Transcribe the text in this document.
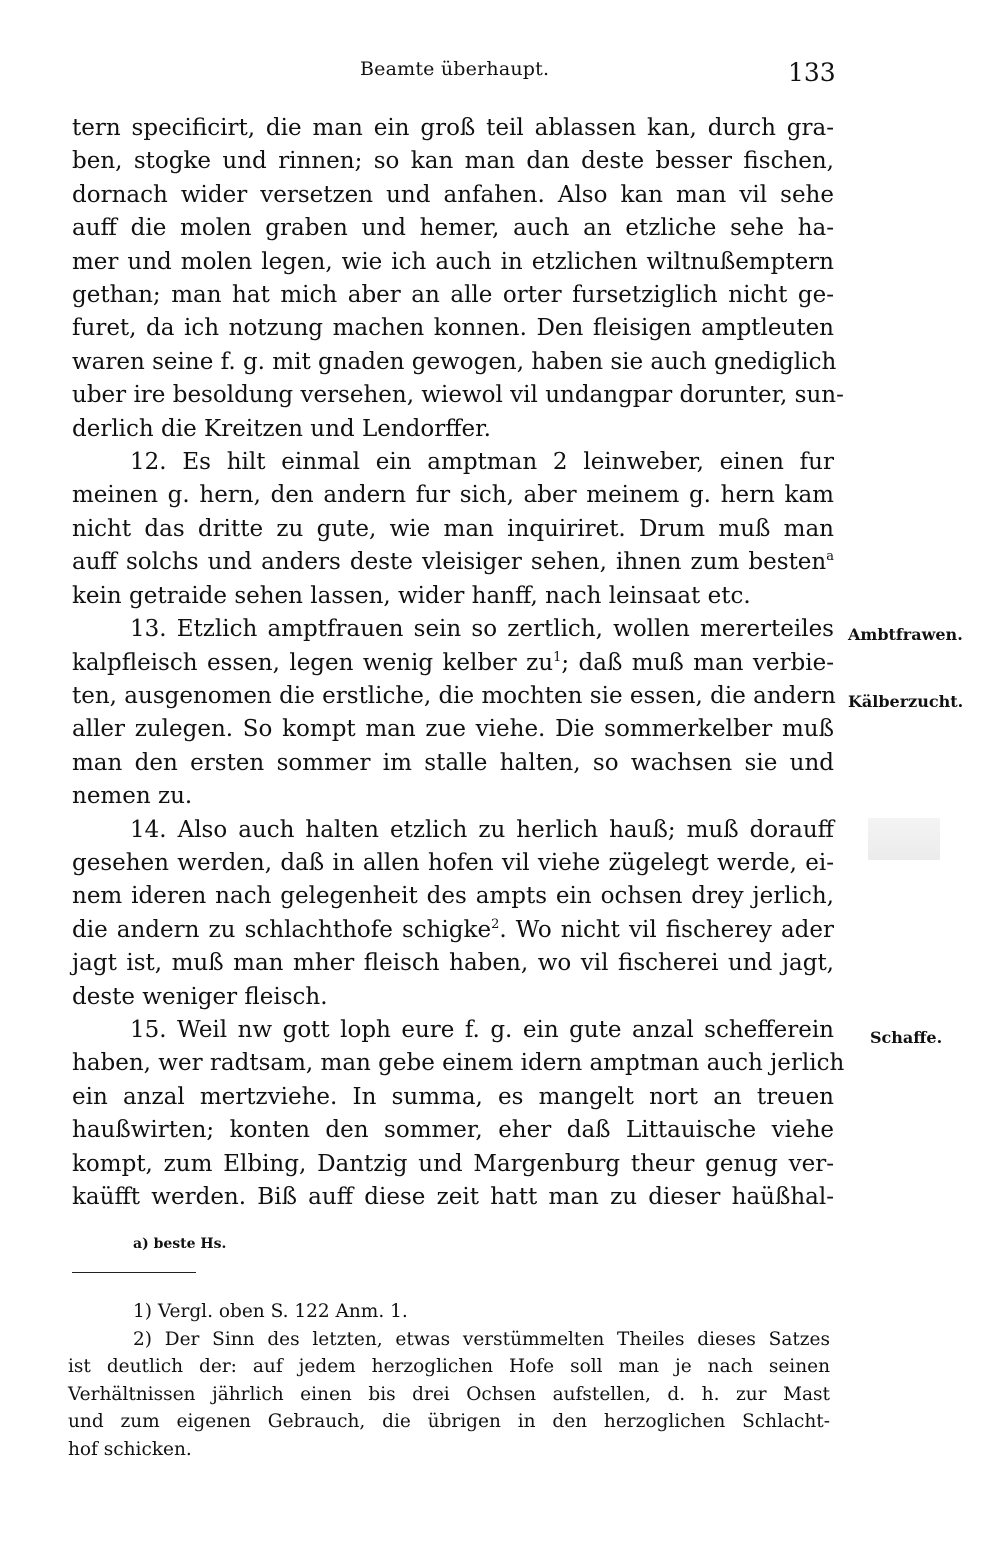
Beamte überhaupt.	133
tern specificirt, die man ein groß teil ablassen kan, durch gra-
ben, stogke und rinnen; so kan man dan deste besser fischen,
dornach wider versetzen und anfahen. Also kan man vil sehe
auff die molen graben und hemer, auch an etzliche sehe ha-
mer und molen legen, wie ich auch in etzlichen wiltnußemptern
gethan; man hat mich aber an alle orter fursetziglich nicht ge-
furet, da ich notzung machen konnen. Den fleisigen amptleuten
waren seine f. g. mit gnaden gewogen, haben sie auch gnediglich
uber ire besoldung versehen, wiewol vil undangpar dorunter, sun-
derlich die Kreitzen und Lendorffer.
12. Es hilt einmal ein amptman 2 leinweber, einen fur
meinen g. hern, den andern fur sich, aber meinem g. hern kam
nicht das dritte zu gute, wie man inquiriret. Drum muß man
auff solchs und anders deste vleisiger sehen, ihnen zum besten$^a$
kein getraide sehen lassen, wider hanff, nach leinsaat etc.
13. Etzlich amptfrauen sein so zertlich, wollen mererteiles
kalpfleisch essen, legen wenig kelber $zu^1$; daß muß man verbie-
ten, ausgenomen die erstliche, die mochten sie essen, die andern
aller zulegen. So kompt man zue viehe. Die sommerkelber muß
man den ersten sommer im stalle halten, so wachsen sie und
nemen zu.
14. Also auch halten etzlich zu herlich hauß; muß dorauff
gesehen werden, daß in allen hofen vil viehe zügelegt werde, ei-
nem ideren nach gelegenheit des ampts ein ochsen drey jerlich,
die andern zu schlachthofe schigke$^2$. Wo nicht vil fischerey ader
jagt ist, muß man mher fleisch haben, wo vil fischerei und jagt,
deste weniger fleisch.
15. Weil nw gott loph eure f. g. ein gute anzal schefferein
haben, wer radtsam, man gebe einem idern amptman auch jerlich
ein anzal mertzviehe. In summa, es mangelt nort an treuen
haußwirten; konten den sommer, eher daß Littauische viehe
kompt, zum Elbing, Dantzig und Margenburg theur genug ver-
kaüfft werden. Biß auff diese zeit hatt man zu dieser haüßhal-
Ambtfrawen.
Kälberzucht.
Schaffe.
a) beste Hs.
1) Vergl. oben S. 122 Anm. 1.
2) Der Sinn des letzten, etwas verstümmelten Theiles dieses Satzes
ist deutlich der: auf jedem herzoglichen Hofe soll man je nach seinen
Verhältnissen jährlich einen bis drei Ochsen aufstellen, d. h. zur Mast
und zum eigenen Gebrauch, die übrigen in den herzoglichen Schlacht-
hof schicken.
